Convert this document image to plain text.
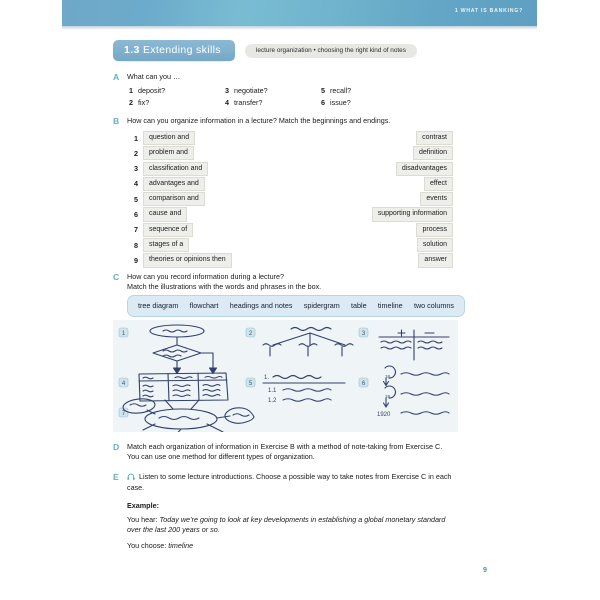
1 WHAT IS BANKING?
1.3 Extending skills	lecture organization • choosing the right kind of notes
A	What can you …
1 deposit?	3 negotiate?	5 recall?
2 fix?	4 transfer?	6 issue?
B	How can you organize information in a lecture? Match the beginnings and endings.
1	question and	contrast
2	problem and	definition
3	classification and	disadvantages
4	advantages and	effect
5	comparison and	events
6	cause and	supporting information
7	sequence of	process
8	stages of a	solution
9	theories or opinions then	answer
C	How can you record information during a lecture?
Match the illustrations with the words and phrases in the box.
tree diagram flowchart headings and notes spidergram table timeline two columns
1	2	3
4	5
1.
1.1
1.2
6
18
19
1920
7
D	Match each organization of information in Exercise B with a method of note-taking from Exercise C. You can use one method for different types of organization.
E	Listen to some lecture introductions. Choose a possible way to take notes from Exercise C in each case.
Example:
You hear: Today we’re going to look at key developments in establishing a global monetary standard over the last 200 years or so.
You choose: timeline
9
